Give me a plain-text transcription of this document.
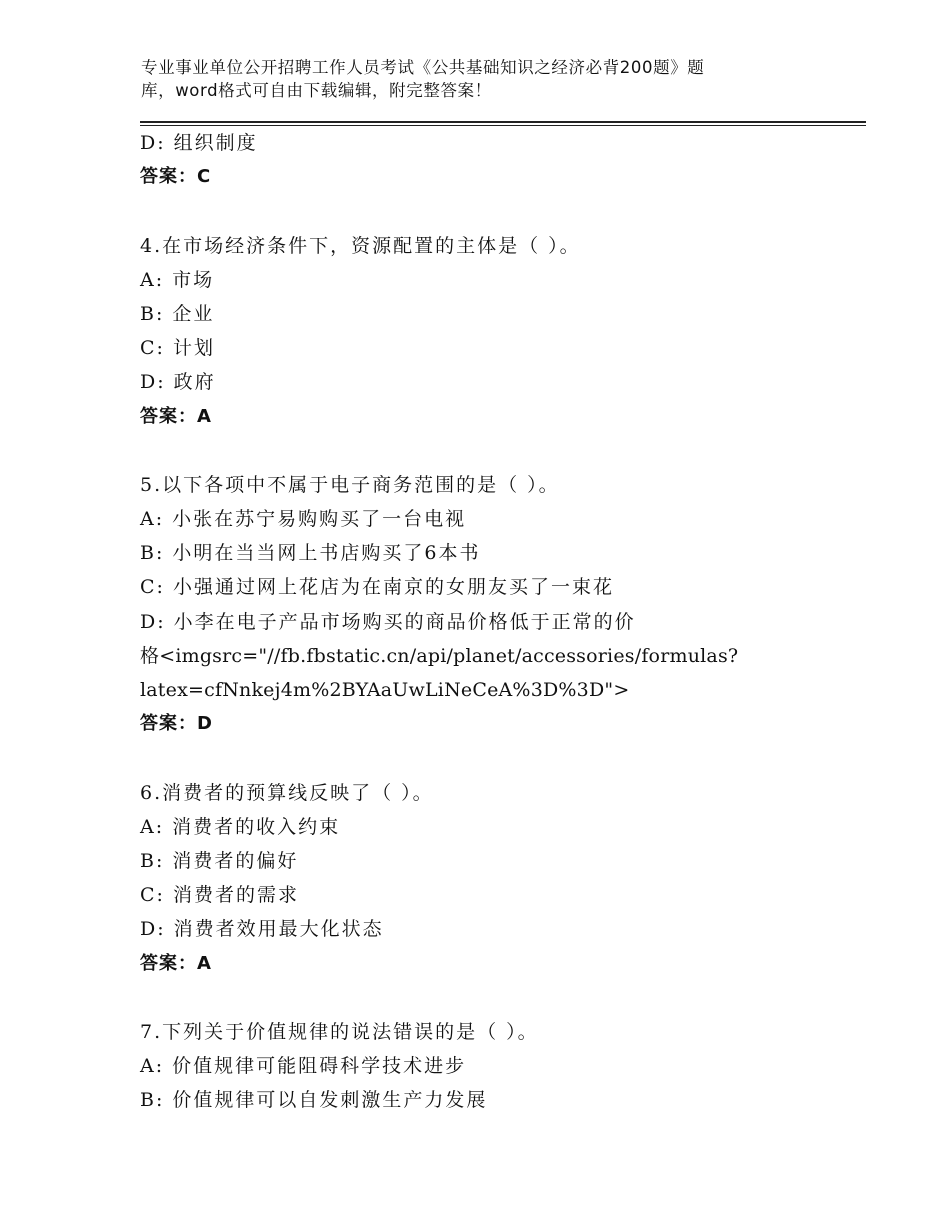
专业事业单位公开招聘工作人员考试《公共基础知识之经济必背200题》题
库，word格式可自由下载编辑，附完整答案！
D: 组织制度
答案：C
4.在市场经济条件下，资源配置的主体是（ ）。
A: 市场
B: 企业
C: 计划
D: 政府
答案：A
5.以下各项中不属于电子商务范围的是（ ）。
A: 小张在苏宁易购购买了一台电视
B: 小明在当当网上书店购买了6本书
C: 小强通过网上花店为在南京的女朋友买了一束花
D: 小李在电子产品市场购买的商品价格低于正常的价
格<imgsrc="//fb.fbstatic.cn/api/planet/accessories/formulas?
latex=cfNnkej4m%2BYAaUwLiNeCeA%3D%3D">
答案：D
6.消费者的预算线反映了（ ）。
A: 消费者的收入约束
B: 消费者的偏好
C: 消费者的需求
D: 消费者效用最大化状态
答案：A
7.下列关于价值规律的说法错误的是（ ）。
A: 价值规律可能阻碍科学技术进步
B: 价值规律可以自发刺激生产力发展
